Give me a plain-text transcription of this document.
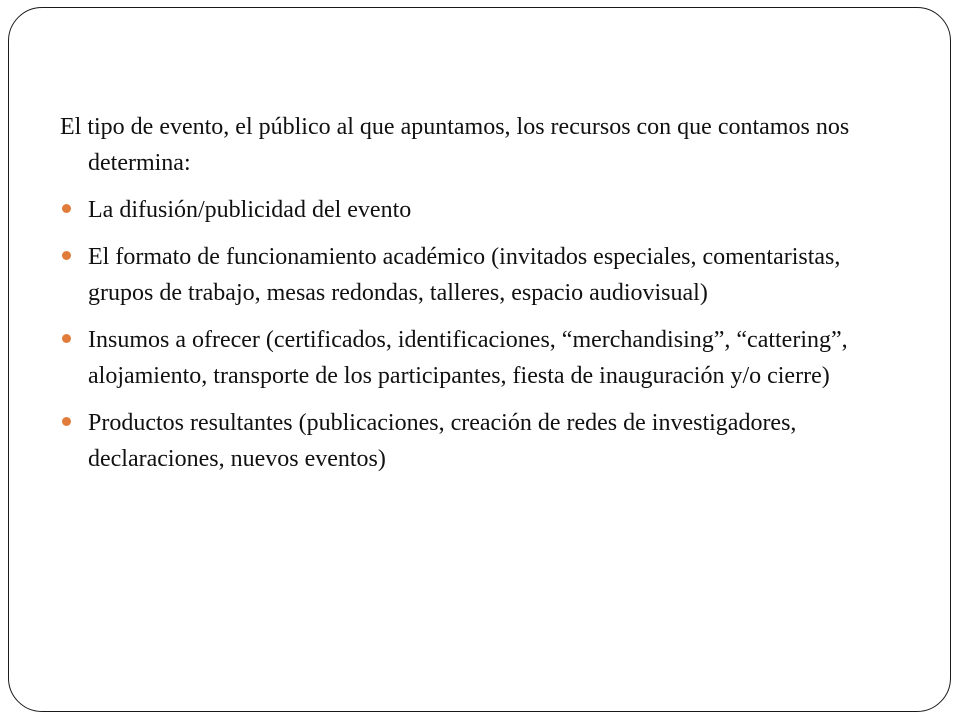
El tipo de evento, el público al que apuntamos, los recursos con que contamos nos determina:

La difusión/publicidad del evento
El formato de funcionamiento académico (invitados especiales, comentaristas, grupos de trabajo, mesas redondas, talleres, espacio audiovisual)
Insumos a ofrecer (certificados, identificaciones, “merchandising”, “cattering”, alojamiento, transporte de los participantes, fiesta de inauguración y/o cierre)
Productos resultantes (publicaciones, creación de redes de investigadores, declaraciones, nuevos eventos)
